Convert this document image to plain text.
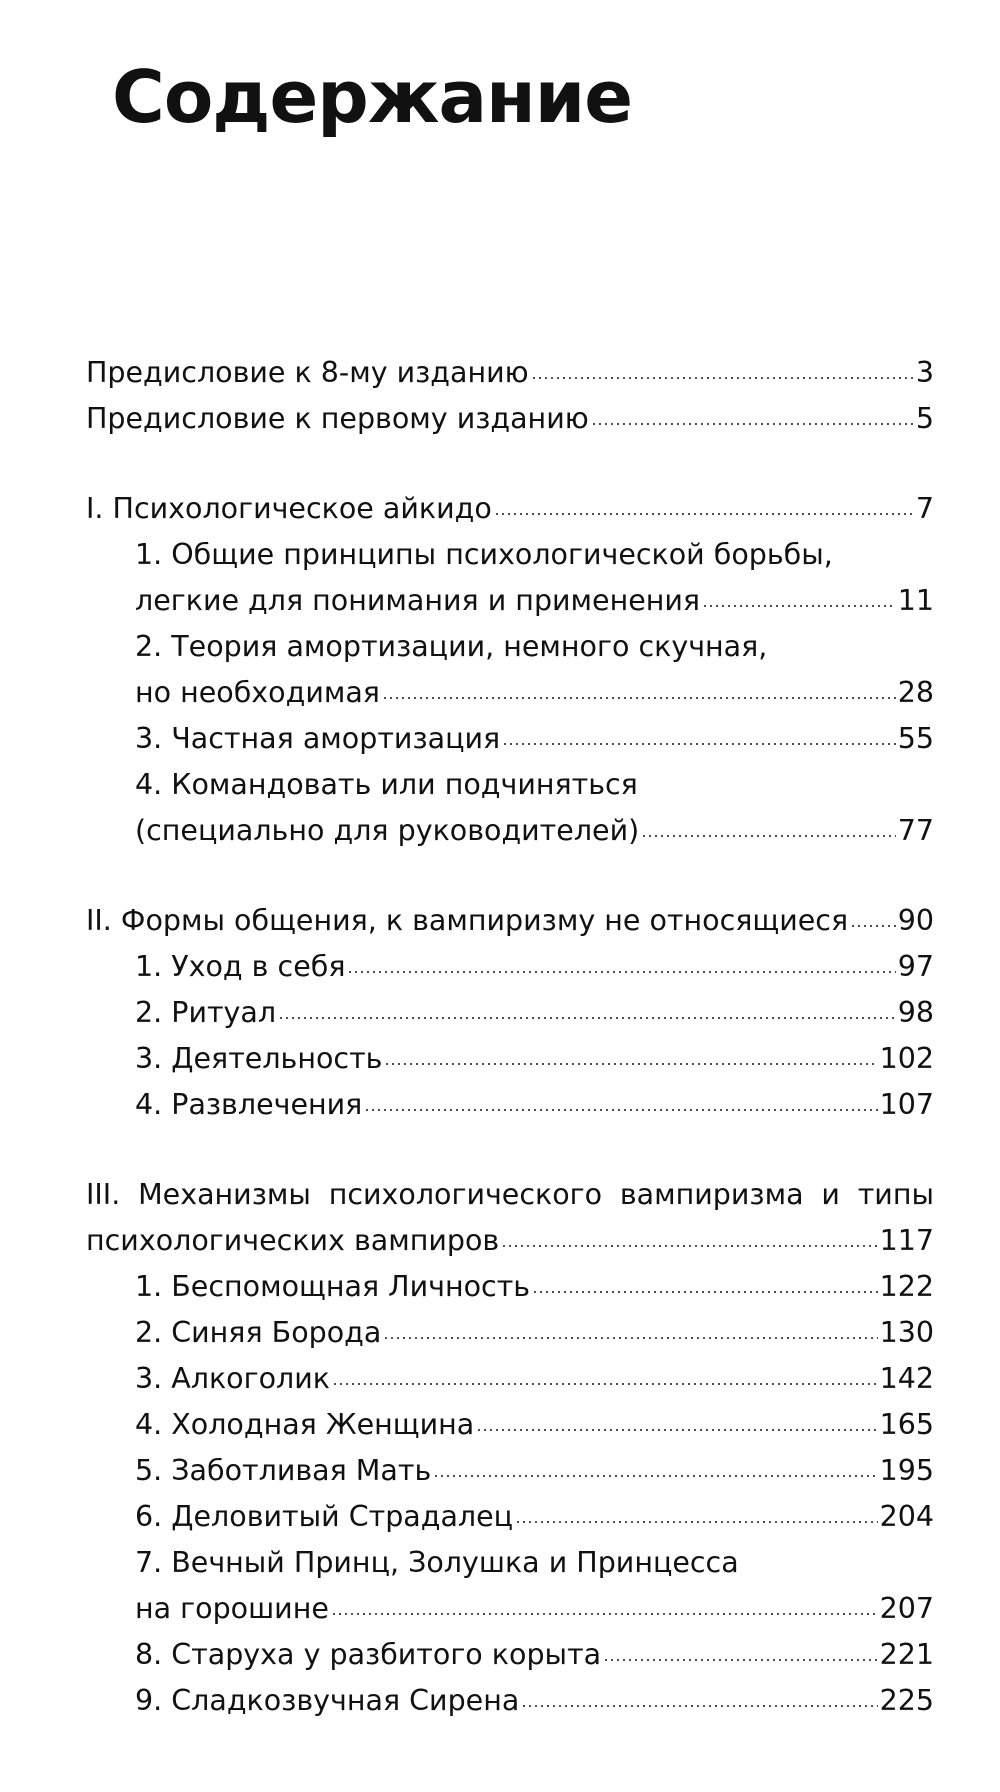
Содержание
Предисловие к 8-му изданию	3
Предисловие к первому изданию	5
I. Психологическое айкидо	7
1. Общие принципы психологической борьбы,
легкие для понимания и применения	11
2. Теория амортизации, немного скучная,
но необходимая	28
3. Частная амортизация	55
4. Командовать или подчиняться
(специально для руководителей)	77
II. Формы общения, к вампиризму не относящиеся 90
1. Уход в себя	97
2. Ритуал	98
3. Деятельность	102
4. Развлечения	107
III. Механизмы психологического вампиризма и типы
психологических вампиров	117
1. Беспомощная Личность	122
2. Синяя Борода	130
3. Алкоголик	142
4. Холодная Женщина	165
5. Заботливая Мать	195
6. Деловитый Страдалец	204
7. Вечный Принц, Золушка и Принцесса
на горошине	207
8. Старуха у разбитого корыта	221
9. Сладкозвучная Сирена	225
